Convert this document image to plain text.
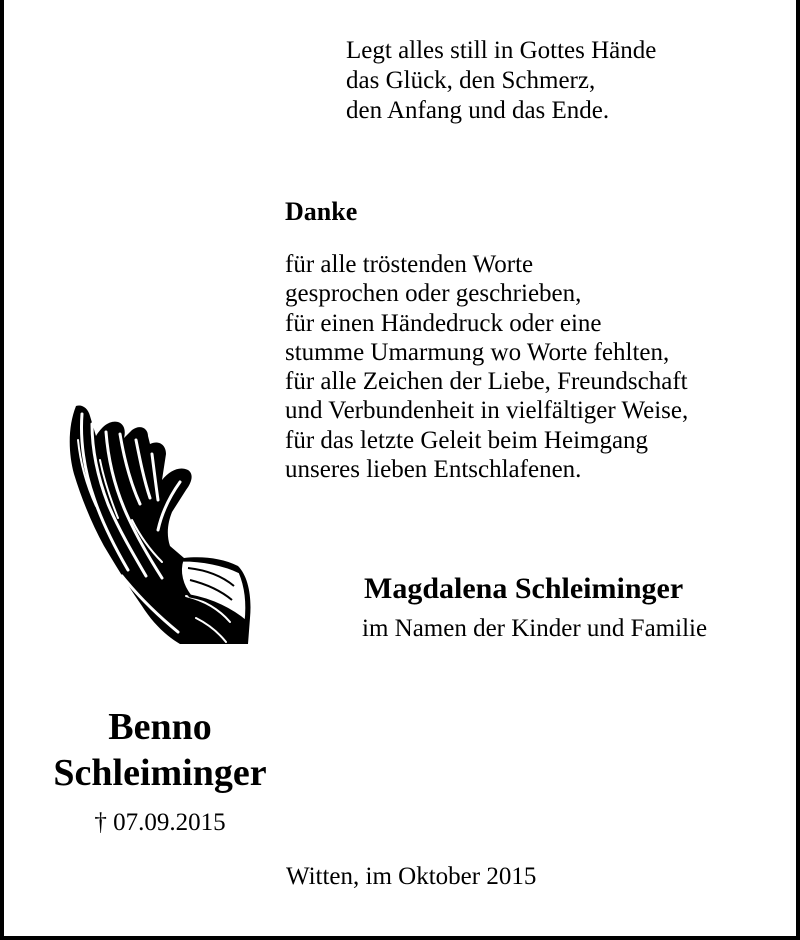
Legt alles still in Gottes Hände
das Glück, den Schmerz,
den Anfang und das Ende.
Danke
für alle tröstenden Worte
gesprochen oder geschrieben,
für einen Händedruck oder eine
stumme Umarmung wo Worte fehlten,
für alle Zeichen der Liebe, Freundschaft
und Verbundenheit in vielfältiger Weise,
für das letzte Geleit beim Heimgang
unseres lieben Entschlafenen.
Magdalena Schleiminger
im Namen der Kinder und Familie
Benno
Schleiminger
† 07.09.2015
Witten, im Oktober 2015
